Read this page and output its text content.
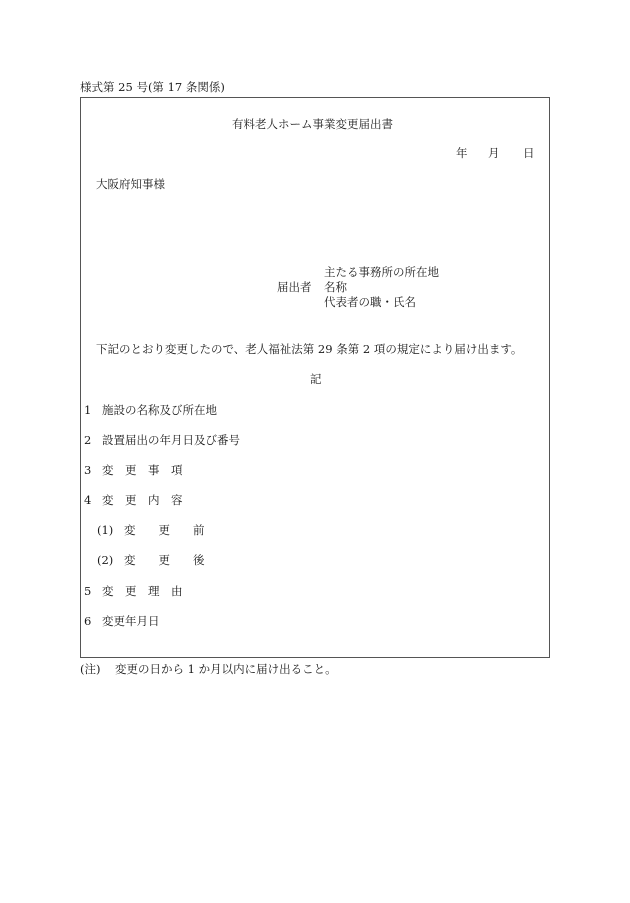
様式第 25 号(第 17 条関係)
有料老人ホーム事業変更届出書
年 月 日
大阪府知事様
主たる事務所の所在地
届出者 名称
代表者の職・氏名
下記のとおり変更したので、老人福祉法第 29 条第 2 項の規定により届け出ます。
記
1 施設の名称及び所在地
2 設置届出の年月日及び番号
3 変　更　事　項
4 変　更　内　容
(1) 変　　更　　前
(2) 変　　更　　後
5 変　更　理　由
6 変更年月日
(注) 変更の日から 1 か月以内に届け出ること。
